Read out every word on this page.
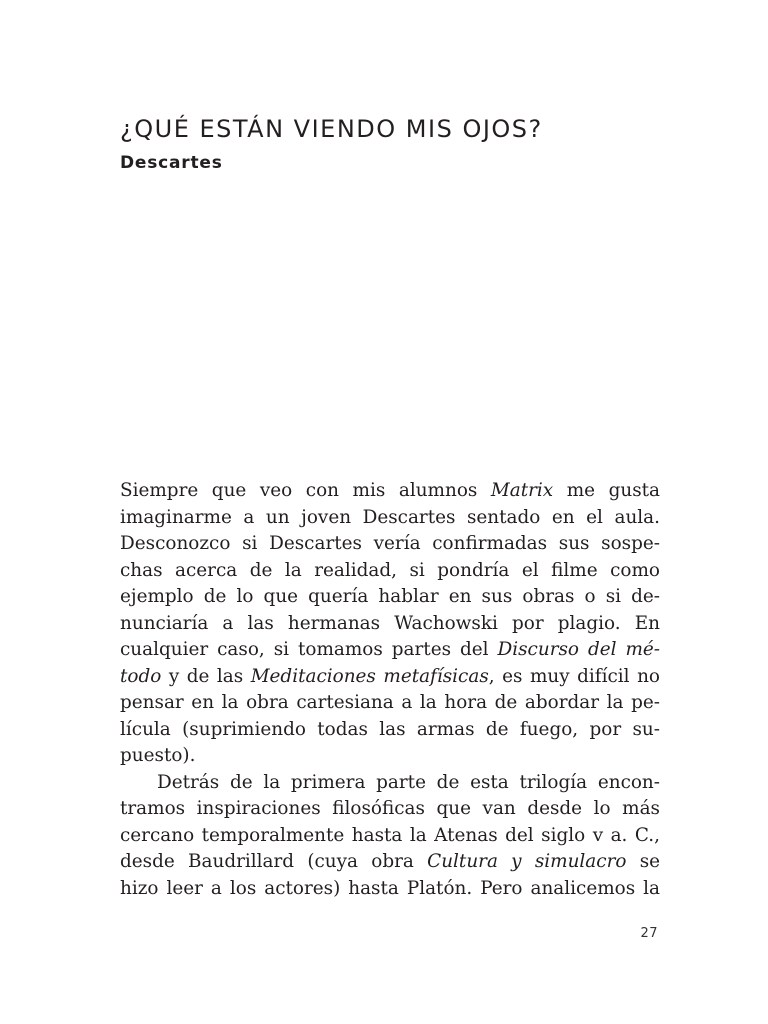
¿QUÉ ESTÁN VIENDO MIS OJOS?
Descartes
Siempre que veo con mis alumnos Matrix me gusta
imaginarme a un joven Descartes sentado en el aula.
Desconozco si Descartes vería confirmadas sus sospe-
chas acerca de la realidad, si pondría el filme como
ejemplo de lo que quería hablar en sus obras o si de-
nunciaría a las hermanas Wachowski por plagio. En
cualquier caso, si tomamos partes del Discurso del mé-
todo y de las Meditaciones metafísicas, es muy difícil no
pensar en la obra cartesiana a la hora de abordar la pe-
lícula (suprimiendo todas las armas de fuego, por su-
puesto).
Detrás de la primera parte de esta trilogía encon-
tramos inspiraciones filosóficas que van desde lo más
cercano temporalmente hasta la Atenas del siglo v a. C.,
desde Baudrillard (cuya obra Cultura y simulacro se
hizo leer a los actores) hasta Platón. Pero analicemos la
27
